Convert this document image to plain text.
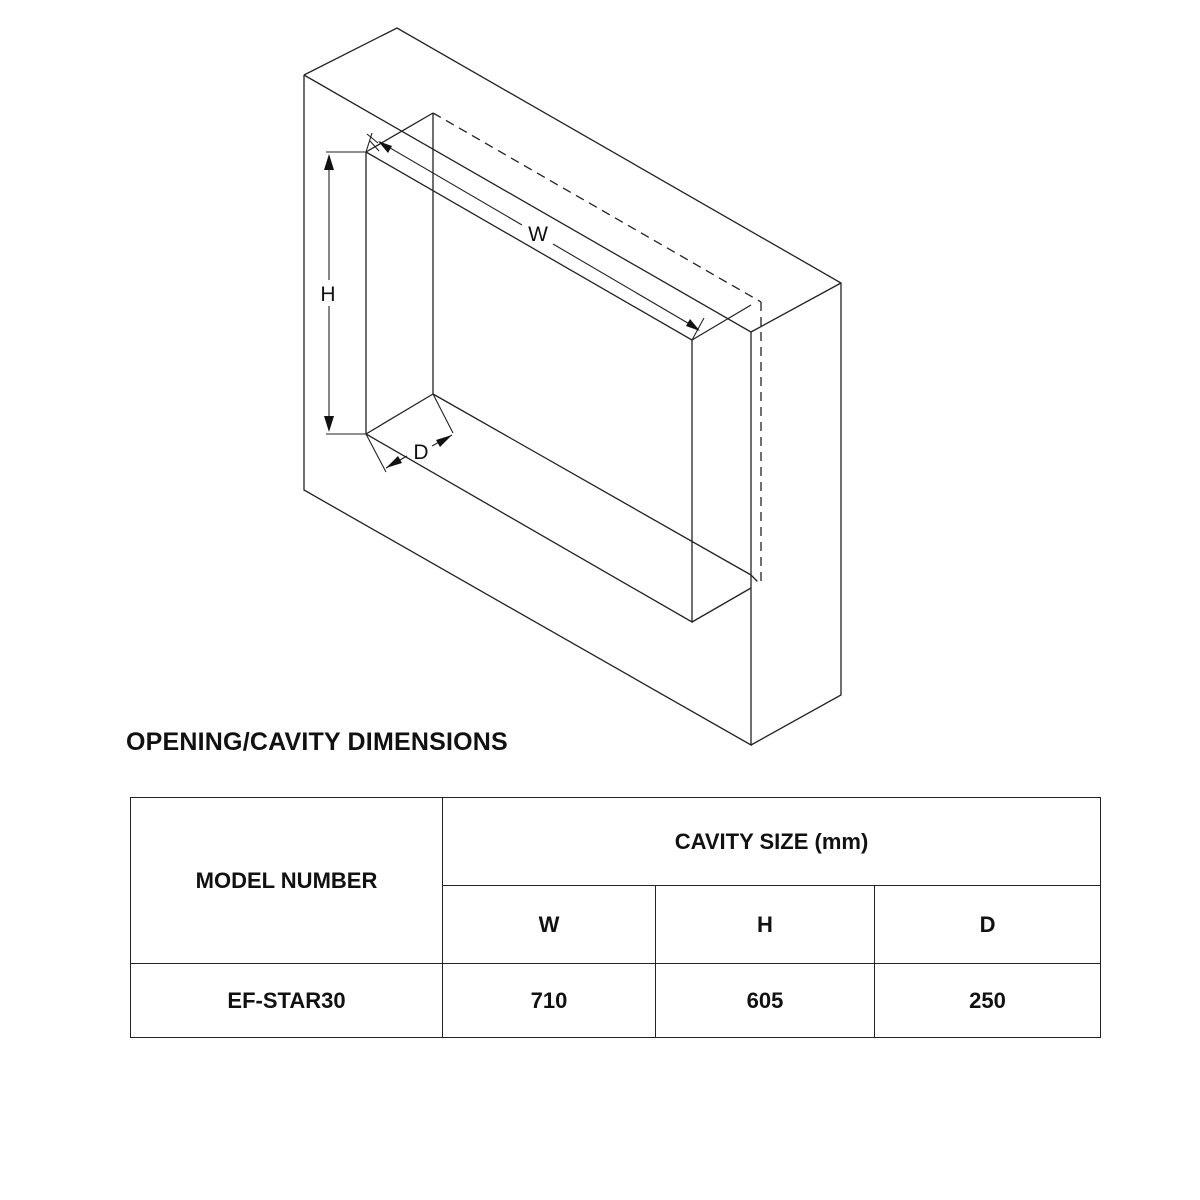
H
W
D
OPENING/CAVITY DIMENSIONS
MODEL NUMBER	CAVITY SIZE (mm)		
	W	H	D
EF-STAR30	710	605	250
